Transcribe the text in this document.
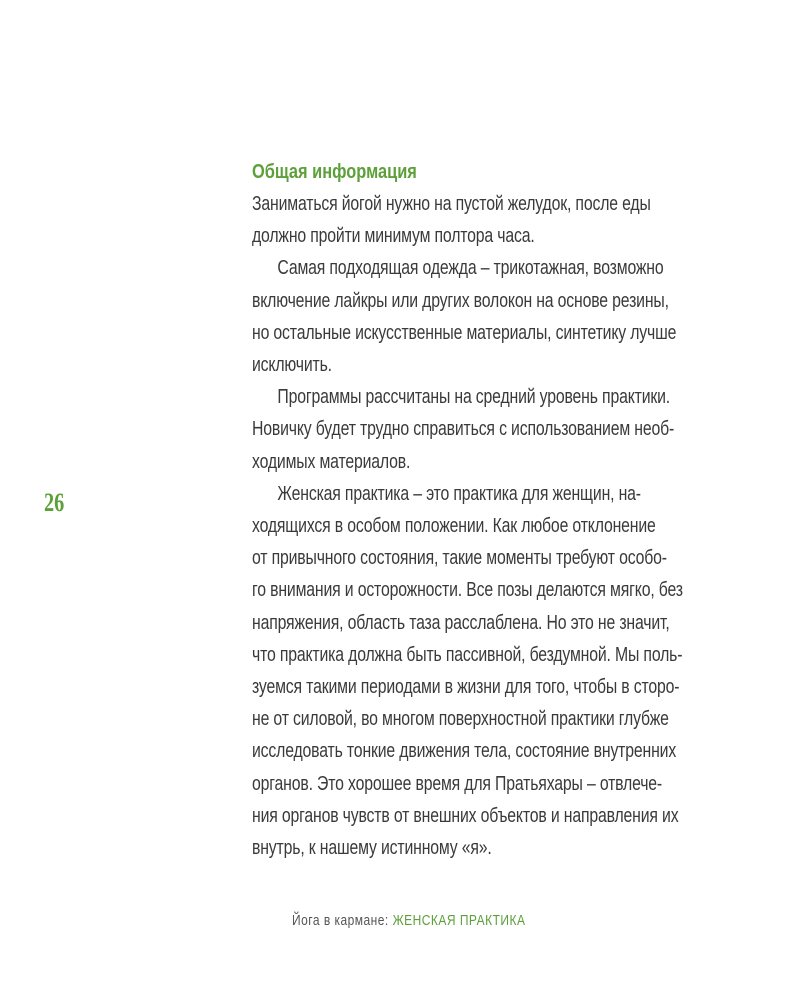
26
Общая информация
Заниматься йогой нужно на пустой желудок, после еды
должно пройти минимум полтора часа.
Самая подходящая одежда – трикотажная, возможно
включение лайкры или других волокон на основе резины,
но остальные искусственные материалы, синтетику лучше
исключить.
Программы рассчитаны на средний уровень практики.
Новичку будет трудно справиться с использованием необ-
ходимых материалов.
Женская практика – это практика для женщин, на-
ходящихся в особом положении. Как любое отклонение
от привычного состояния, такие моменты требуют особо-
го внимания и осторожности. Все позы делаются мягко, без
напряжения, область таза расслаблена. Но это не значит,
что практика должна быть пассивной, бездумной. Мы поль-
зуемся такими периодами в жизни для того, чтобы в сторо-
не от силовой, во многом поверхностной практики глубже
исследовать тонкие движения тела, состояние внутренних
органов. Это хорошее время для Пратьяхары – отвлече-
ния органов чувств от внешних объектов и направления их
внутрь, к нашему истинному «я».
Йога в кармане: ЖЕНСКАЯ ПРАКТИКА
